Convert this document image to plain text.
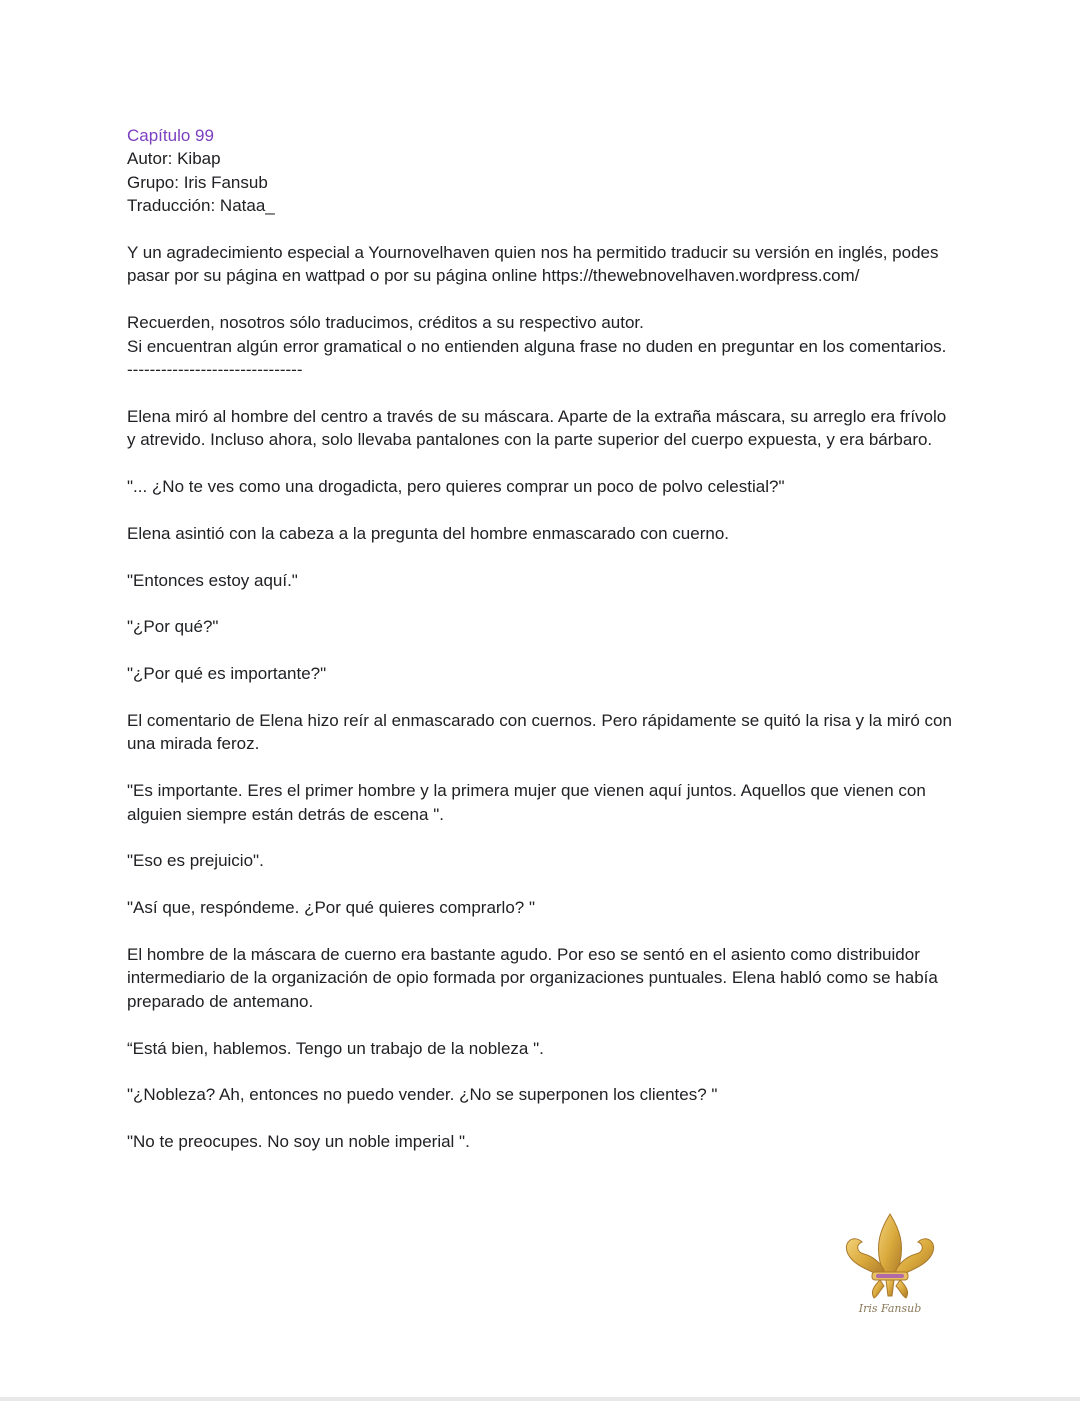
Capítulo 99
Autor: Kibap
Grupo: Iris Fansub
Traducción: Nataa_

Y un agradecimiento especial a Yournovelhaven quien nos ha permitido traducir su versión en inglés, podes pasar por su página en wattpad o por su página online https://thewebnovelhaven.wordpress.com/

Recuerden, nosotros sólo traducimos, créditos a su respectivo autor.
Si encuentran algún error gramatical o no entienden alguna frase no duden en preguntar en los comentarios.
-------------------------------

Elena miró al hombre del centro a través de su máscara. Aparte de la extraña máscara, su arreglo era frívolo y atrevido. Incluso ahora, solo llevaba pantalones con la parte superior del cuerpo expuesta, y era bárbaro.

"... ¿No te ves como una drogadicta, pero quieres comprar un poco de polvo celestial?"

Elena asintió con la cabeza a la pregunta del hombre enmascarado con cuerno.

"Entonces estoy aquí."

"¿Por qué?"

"¿Por qué es importante?"

El comentario de Elena hizo reír al enmascarado con cuernos. Pero rápidamente se quitó la risa y la miró con una mirada feroz.

"Es importante. Eres el primer hombre y la primera mujer que vienen aquí juntos. Aquellos que vienen con alguien siempre están detrás de escena ".

"Eso es prejuicio".

"Así que, respóndeme. ¿Por qué quieres comprarlo? "

El hombre de la máscara de cuerno era bastante agudo. Por eso se sentó en el asiento como distribuidor intermediario de la organización de opio formada por organizaciones puntuales. Elena habló como se había preparado de antemano.

“Está bien, hablemos. Tengo un trabajo de la nobleza ".

"¿Nobleza? Ah, entonces no puedo vender. ¿No se superponen los clientes? "

"No te preocupes. No soy un noble imperial ".

Iris Fansub
